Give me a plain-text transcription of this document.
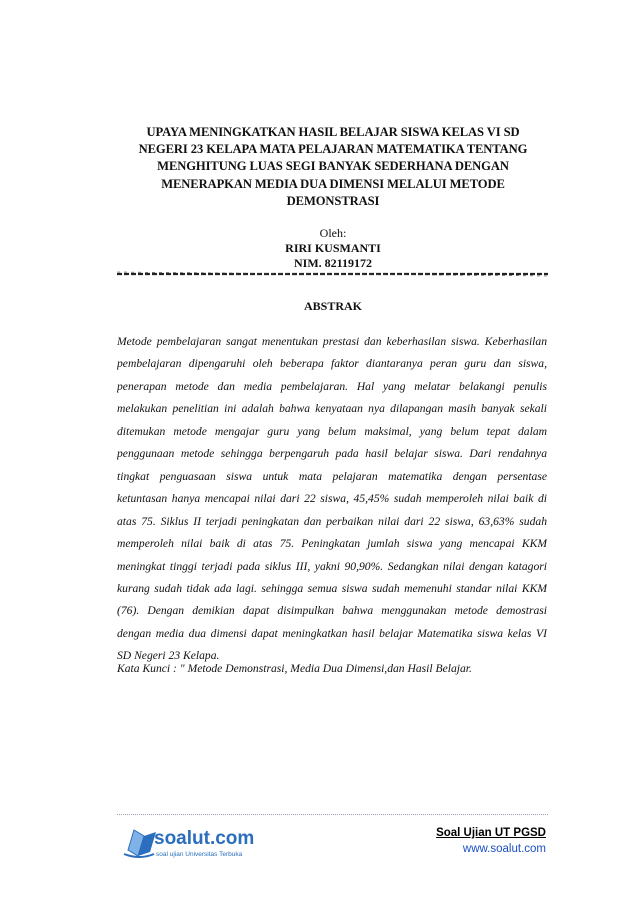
UPAYA MENINGKATKAN HASIL BELAJAR SISWA KELAS VI SD
NEGERI 23 KELAPA MATA PELAJARAN MATEMATIKA TENTANG
MENGHITUNG LUAS SEGI BANYAK SEDERHANA DENGAN
MENERAPKAN MEDIA DUA DIMENSI MELALUI METODE
DEMONSTRASI
Oleh:
RIRI KUSMANTI
NIM. 82119172
ABSTRAK
Metode pembelajaran sangat menentukan prestasi dan keberhasilan siswa. Keberhasilan
pembelajaran dipengaruhi oleh beberapa faktor diantaranya peran guru dan siswa,
penerapan metode dan media pembelajaran. Hal yang melatar belakangi penulis
melakukan penelitian ini adalah bahwa kenyataan nya dilapangan masih banyak sekali
ditemukan metode mengajar guru yang belum maksimal, yang belum tepat dalam
penggunaan metode sehingga berpengaruh pada hasil belajar siswa. Dari rendahnya
tingkat penguasaan siswa untuk mata pelajaran matematika dengan persentase
ketuntasan hanya mencapai nilai dari 22 siswa, 45,45% sudah memperoleh nilai baik di
atas 75. Siklus II terjadi peningkatan dan perbaikan nilai dari 22 siswa, 63,63% sudah
memperoleh nilai baik di atas 75. Peningkatan jumlah siswa yang mencapai KKM
meningkat tinggi terjadi pada siklus III, yakni 90,90%. Sedangkan nilai dengan katagori
kurang sudah tidak ada lagi. sehingga semua siswa sudah memenuhi standar nilai KKM
(76). Dengan demikian dapat disimpulkan bahwa menggunakan metode demostrasi
dengan media dua dimensi dapat meningkatkan hasil belajar Matematika siswa kelas VI
SD Negeri 23 Kelapa.
Kata Kunci : " Metode Demonstrasi, Media Dua Dimensi,dan Hasil Belajar.
soalut.com
soal ujian Universitas Terbuka
Soal Ujian UT PGSD
www.soalut.com
